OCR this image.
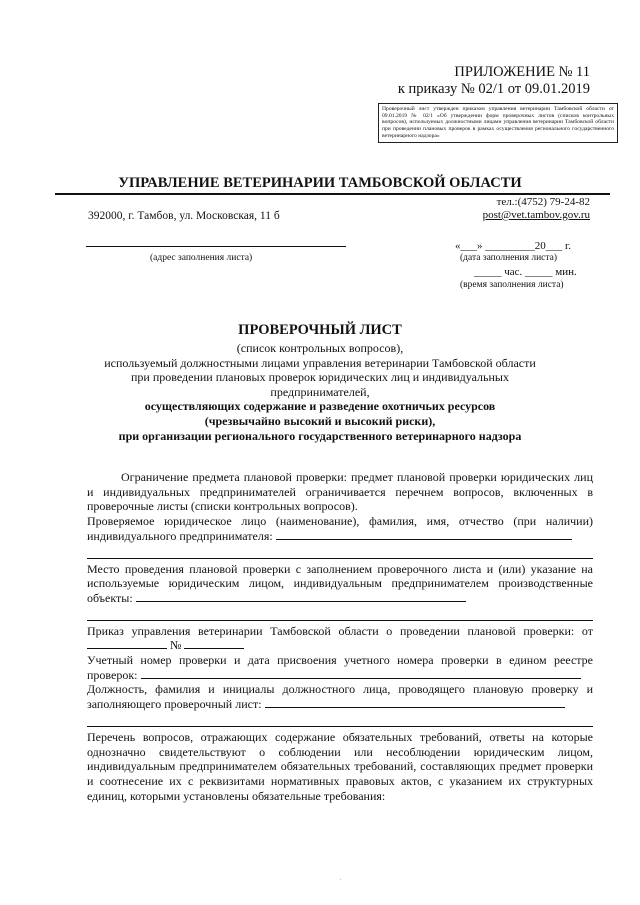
ПРИЛОЖЕНИЕ № 11
к приказу № 02/1 от 09.01.2019
Проверочный лист утвержден приказом управления ветеринарии Тамбовской области от 09.01.2019 № 02/1 «Об утверждении форм проверочных листов (списков контрольных вопросов), используемых должностными лицами управления ветеринарии Тамбовской области при проведении плановых проверок в рамках осуществления регионального государственного ветеринарного надзора»
УПРАВЛЕНИЕ ВЕТЕРИНАРИИ ТАМБОВСКОЙ ОБЛАСТИ
тел.:(4752) 79-24-82
post@vet.tambov.gov.ru
392000, г. Тамбов, ул. Московская, 11 б
(адрес заполнения листа)
«___» _________20___ г.
(дата заполнения листа)
_____ час. _____ мин.
(время заполнения листа)
ПРОВЕРОЧНЫЙ ЛИСТ
(список контрольных вопросов),
используемый должностными лицами управления ветеринарии Тамбовской области
при проведении плановых проверок юридических лиц и индивидуальных
предпринимателей,
осуществляющих содержание и разведение охотничьих ресурсов
(чрезвычайно высокий и высокий риски),
при организации регионального государственного ветеринарного надзора

Ограничение предмета плановой проверки: предмет плановой проверки юридических лиц и индивидуальных предпринимателей ограничивается перечнем вопросов, включенных в проверочные листы (списки контрольных вопросов).

Проверяемое юридическое лицо (наименование), фамилия, имя, отчество (при наличии) индивидуального предпринимателя:

Место проведения плановой проверки с заполнением проверочного листа и (или) указание на используемые юридическим лицом, индивидуальным предпринимателем производственные объекты:

Приказ управления ветеринарии Тамбовской области о проведении плановой проверки: от  №

Учетный номер проверки и дата присвоения учетного номера проверки в едином реестре проверок:

Должность, фамилия и инициалы должностного лица, проводящего плановую проверку и заполняющего проверочный лист:

Перечень вопросов, отражающих содержание обязательных требований, ответы на которые однозначно свидетельствуют о соблюдении или несоблюдении юридическим лицом, индивидуальным предпринимателем обязательных требований, составляющих предмет проверки и соотнесение их с реквизитами нормативных правовых актов, с указанием их структурных единиц, которыми установлены обязательные требования:

.
